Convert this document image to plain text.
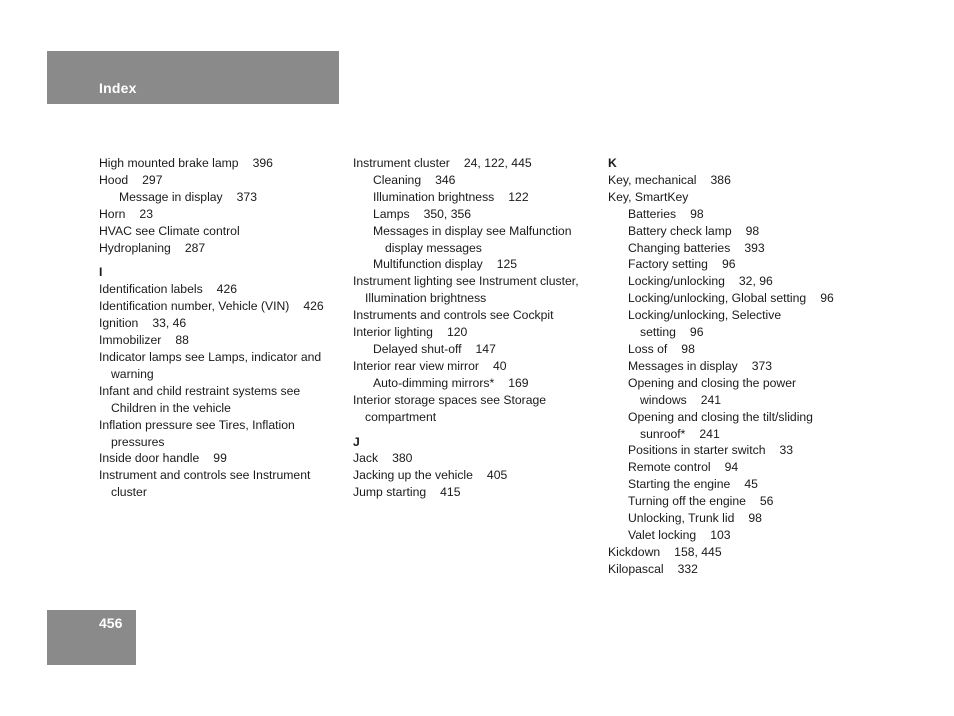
Index
High mounted brake lamp 396
Hood 297
Message in display 373
Horn 23
HVAC see Climate control
Hydroplaning 287
I
Identification labels 426
Identification number, Vehicle (VIN) 426
Ignition 33, 46
Immobilizer 88
Indicator lamps see Lamps, indicator and
warning
Infant and child restraint systems see
Children in the vehicle
Inflation pressure see Tires, Inflation
pressures
Inside door handle 99
Instrument and controls see Instrument
cluster
Instrument cluster 24, 122, 445
Cleaning 346
Illumination brightness 122
Lamps 350, 356
Messages in display see Malfunction
display messages
Multifunction display 125
Instrument lighting see Instrument cluster,
Illumination brightness
Instruments and controls see Cockpit
Interior lighting 120
Delayed shut-off 147
Interior rear view mirror 40
Auto-dimming mirrors* 169
Interior storage spaces see Storage
compartment
J
Jack 380
Jacking up the vehicle 405
Jump starting 415
K
Key, mechanical 386
Key, SmartKey
Batteries 98
Battery check lamp 98
Changing batteries 393
Factory setting 96
Locking/unlocking 32, 96
Locking/unlocking, Global setting 96
Locking/unlocking, Selective
setting 96
Loss of 98
Messages in display 373
Opening and closing the power
windows 241
Opening and closing the tilt/sliding
sunroof* 241
Positions in starter switch 33
Remote control 94
Starting the engine 45
Turning off the engine 56
Unlocking, Trunk lid 98
Valet locking 103
Kickdown 158, 445
Kilopascal 332
456
